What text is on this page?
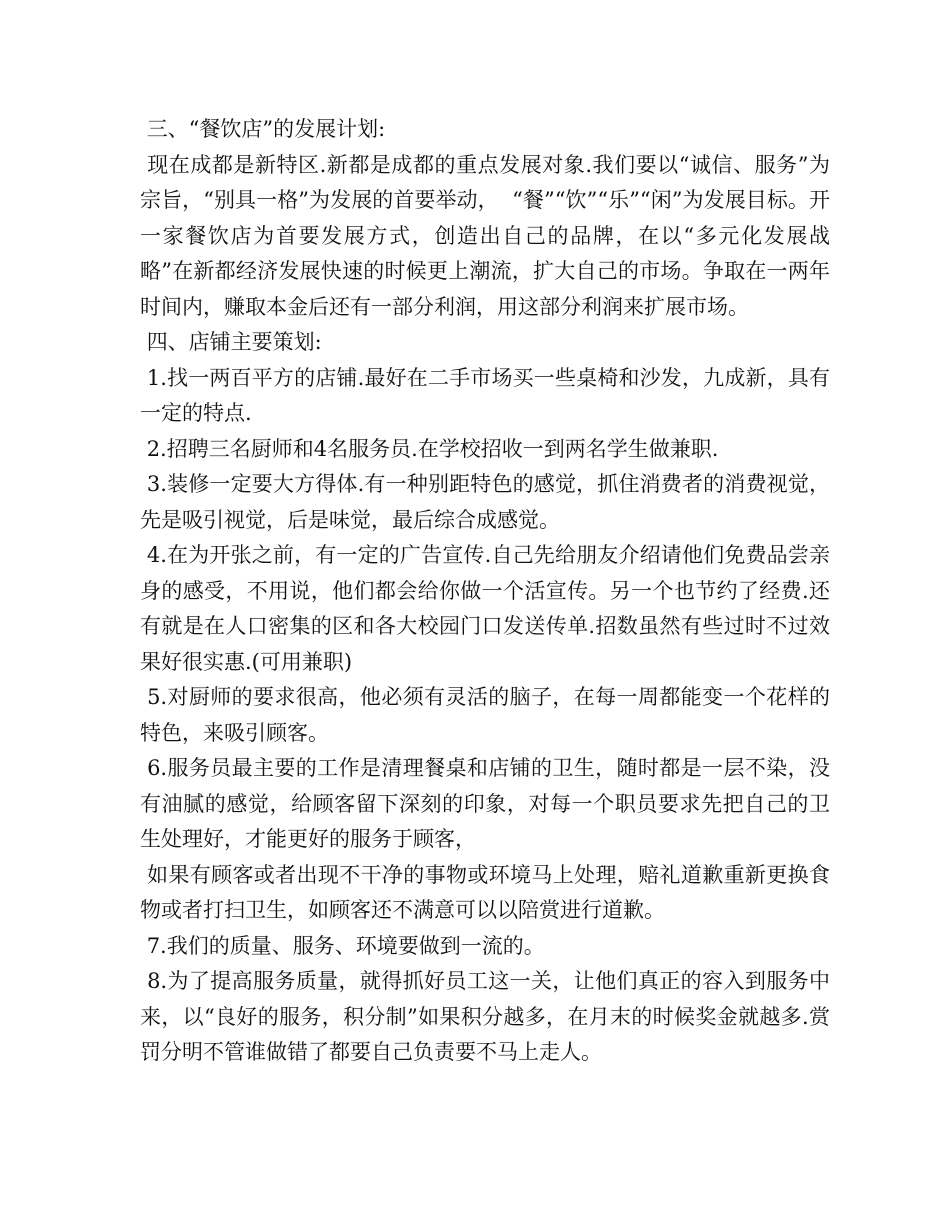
三、“餐饮店”的发展计划:

现在成都是新特区.新都是成都的重点发展对象.我们要以“诚信、服务”为宗旨，“别具一格”为发展的首要举动，  “餐”“饮”“乐”“闲”为发展目标。开一家餐饮店为首要发展方式，创造出自己的品牌，在以“多元化发展战略”在新都经济发展快速的时候更上潮流，扩大自己的市场。争取在一两年时间内，赚取本金后还有一部分利润，用这部分利润来扩展市场。

四、店铺主要策划:

1.找一两百平方的店铺.最好在二手市场买一些桌椅和沙发，九成新，具有一定的特点.

2.招聘三名厨师和4名服务员.在学校招收一到两名学生做兼职.

3.装修一定要大方得体.有一种别距特色的感觉，抓住消费者的消费视觉，先是吸引视觉，后是味觉，最后综合成感觉。

4.在为开张之前，有一定的广告宣传.自己先给朋友介绍请他们免费品尝亲身的感受，不用说，他们都会给你做一个活宣传。另一个也节约了经费.还有就是在人口密集的区和各大校园门口发送传单.招数虽然有些过时不过效果好很实惠.(可用兼职)

5.对厨师的要求很高，他必须有灵活的脑子，在每一周都能变一个花样的特色，来吸引顾客。

6.服务员最主要的工作是清理餐桌和店铺的卫生，随时都是一层不染，没有油腻的感觉，给顾客留下深刻的印象，对每一个职员要求先把自己的卫生处理好，才能更好的服务于顾客，

如果有顾客或者出现不干净的事物或环境马上处理，赔礼道歉重新更换食物或者打扫卫生，如顾客还不满意可以以陪赏进行道歉。

7.我们的质量、服务、环境要做到一流的。

8.为了提高服务质量，就得抓好员工这一关，让他们真正的容入到服务中来，以“良好的服务，积分制”如果积分越多，在月末的时候奖金就越多.赏罚分明不管谁做错了都要自己负责要不马上走人。
